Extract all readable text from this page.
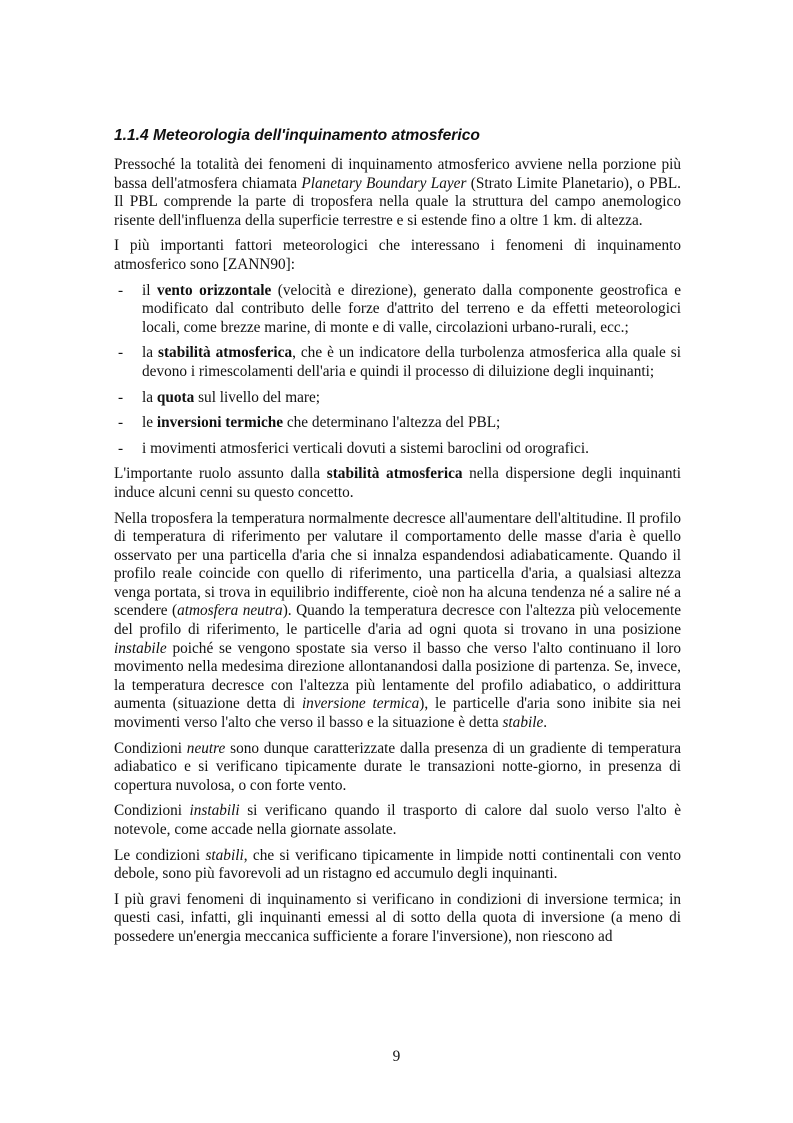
1.1.4 Meteorologia dell'inquinamento atmosferico

Pressoché la totalità dei fenomeni di inquinamento atmosferico avviene nella porzione più bassa dell'atmosfera chiamata Planetary Boundary Layer (Strato Limite Planetario), o PBL. Il PBL comprende la parte di troposfera nella quale la struttura del campo anemologico risente dell'influenza della superficie terrestre e si estende fino a oltre 1 km. di altezza.

I più importanti fattori meteorologici che interessano i fenomeni di inquinamento atmosferico sono [ZANN90]:

- il vento orizzontale (velocità e direzione), generato dalla componente geostrofica e modificato dal contributo delle forze d'attrito del terreno e da effetti meteorologici locali, come brezze marine, di monte e di valle, circolazioni urbano-rurali, ecc.;
- la stabilità atmosferica, che è un indicatore della turbolenza atmosferica alla quale si devono i rimescolamenti dell'aria e quindi il processo di diluizione degli inquinanti;
- la quota sul livello del mare;
- le inversioni termiche che determinano l'altezza del PBL;
- i movimenti atmosferici verticali dovuti a sistemi baroclini od orografici.

L'importante ruolo assunto dalla stabilità atmosferica nella dispersione degli inquinanti induce alcuni cenni su questo concetto.

Nella troposfera la temperatura normalmente decresce all'aumentare dell'altitudine. Il profilo di temperatura di riferimento per valutare il comportamento delle masse d'aria è quello osservato per una particella d'aria che si innalza espandendosi adiabaticamente. Quando il profilo reale coincide con quello di riferimento, una particella d'aria, a qualsiasi altezza venga portata, si trova in equilibrio indifferente, cioè non ha alcuna tendenza né a salire né a scendere (atmosfera neutra). Quando la temperatura decresce con l'altezza più velocemente del profilo di riferimento, le particelle d'aria ad ogni quota si trovano in una posizione instabile poiché se vengono spostate sia verso il basso che verso l'alto continuano il loro movimento nella medesima direzione allontanandosi dalla posizione di partenza. Se, invece, la temperatura decresce con l'altezza più lentamente del profilo adiabatico, o addirittura aumenta (situazione detta di inversione termica), le particelle d'aria sono inibite sia nei movimenti verso l'alto che verso il basso e la situazione è detta stabile.

Condizioni neutre sono dunque caratterizzate dalla presenza di un gradiente di temperatura adiabatico e si verificano tipicamente durate le transazioni notte-giorno, in presenza di copertura nuvolosa, o con forte vento.

Condizioni instabili si verificano quando il trasporto di calore dal suolo verso l'alto è notevole, come accade nella giornate assolate.

Le condizioni stabili, che si verificano tipicamente in limpide notti continentali con vento debole, sono più favorevoli ad un ristagno ed accumulo degli inquinanti.

I più gravi fenomeni di inquinamento si verificano in condizioni di inversione termica; in questi casi, infatti, gli inquinanti emessi al di sotto della quota di inversione (a meno di possedere un'energia meccanica sufficiente a forare l'inversione), non riescono ad

9
